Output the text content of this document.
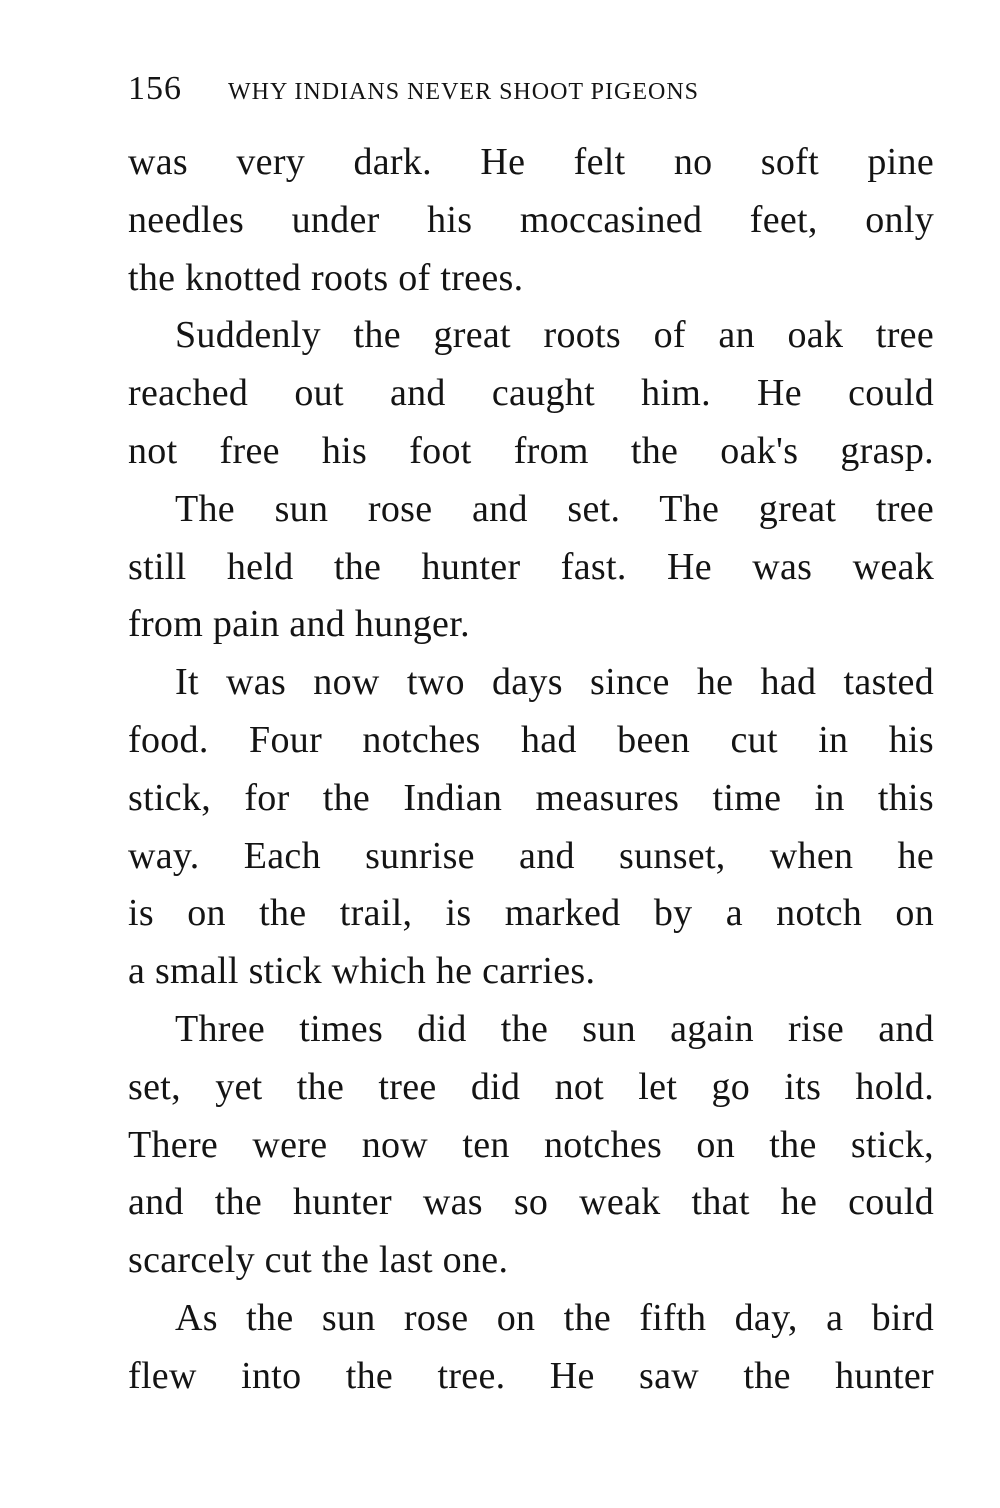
156 WHY INDIANS NEVER SHOOT PIGEONS
was very dark. He felt no soft pine
needles under his moccasined feet, only
the knotted roots of trees.
Suddenly the great roots of an oak tree
reached out and caught him. He could
not free his foot from the oak's grasp.
The sun rose and set. The great tree
still held the hunter fast. He was weak
from pain and hunger.
It was now two days since he had tasted
food. Four notches had been cut in his
stick, for the Indian measures time in this
way. Each sunrise and sunset, when he
is on the trail, is marked by a notch on
a small stick which he carries.
Three times did the sun again rise and
set, yet the tree did not let go its hold.
There were now ten notches on the stick,
and the hunter was so weak that he could
scarcely cut the last one.
As the sun rose on the fifth day, a bird
flew into the tree. He saw the hunter
